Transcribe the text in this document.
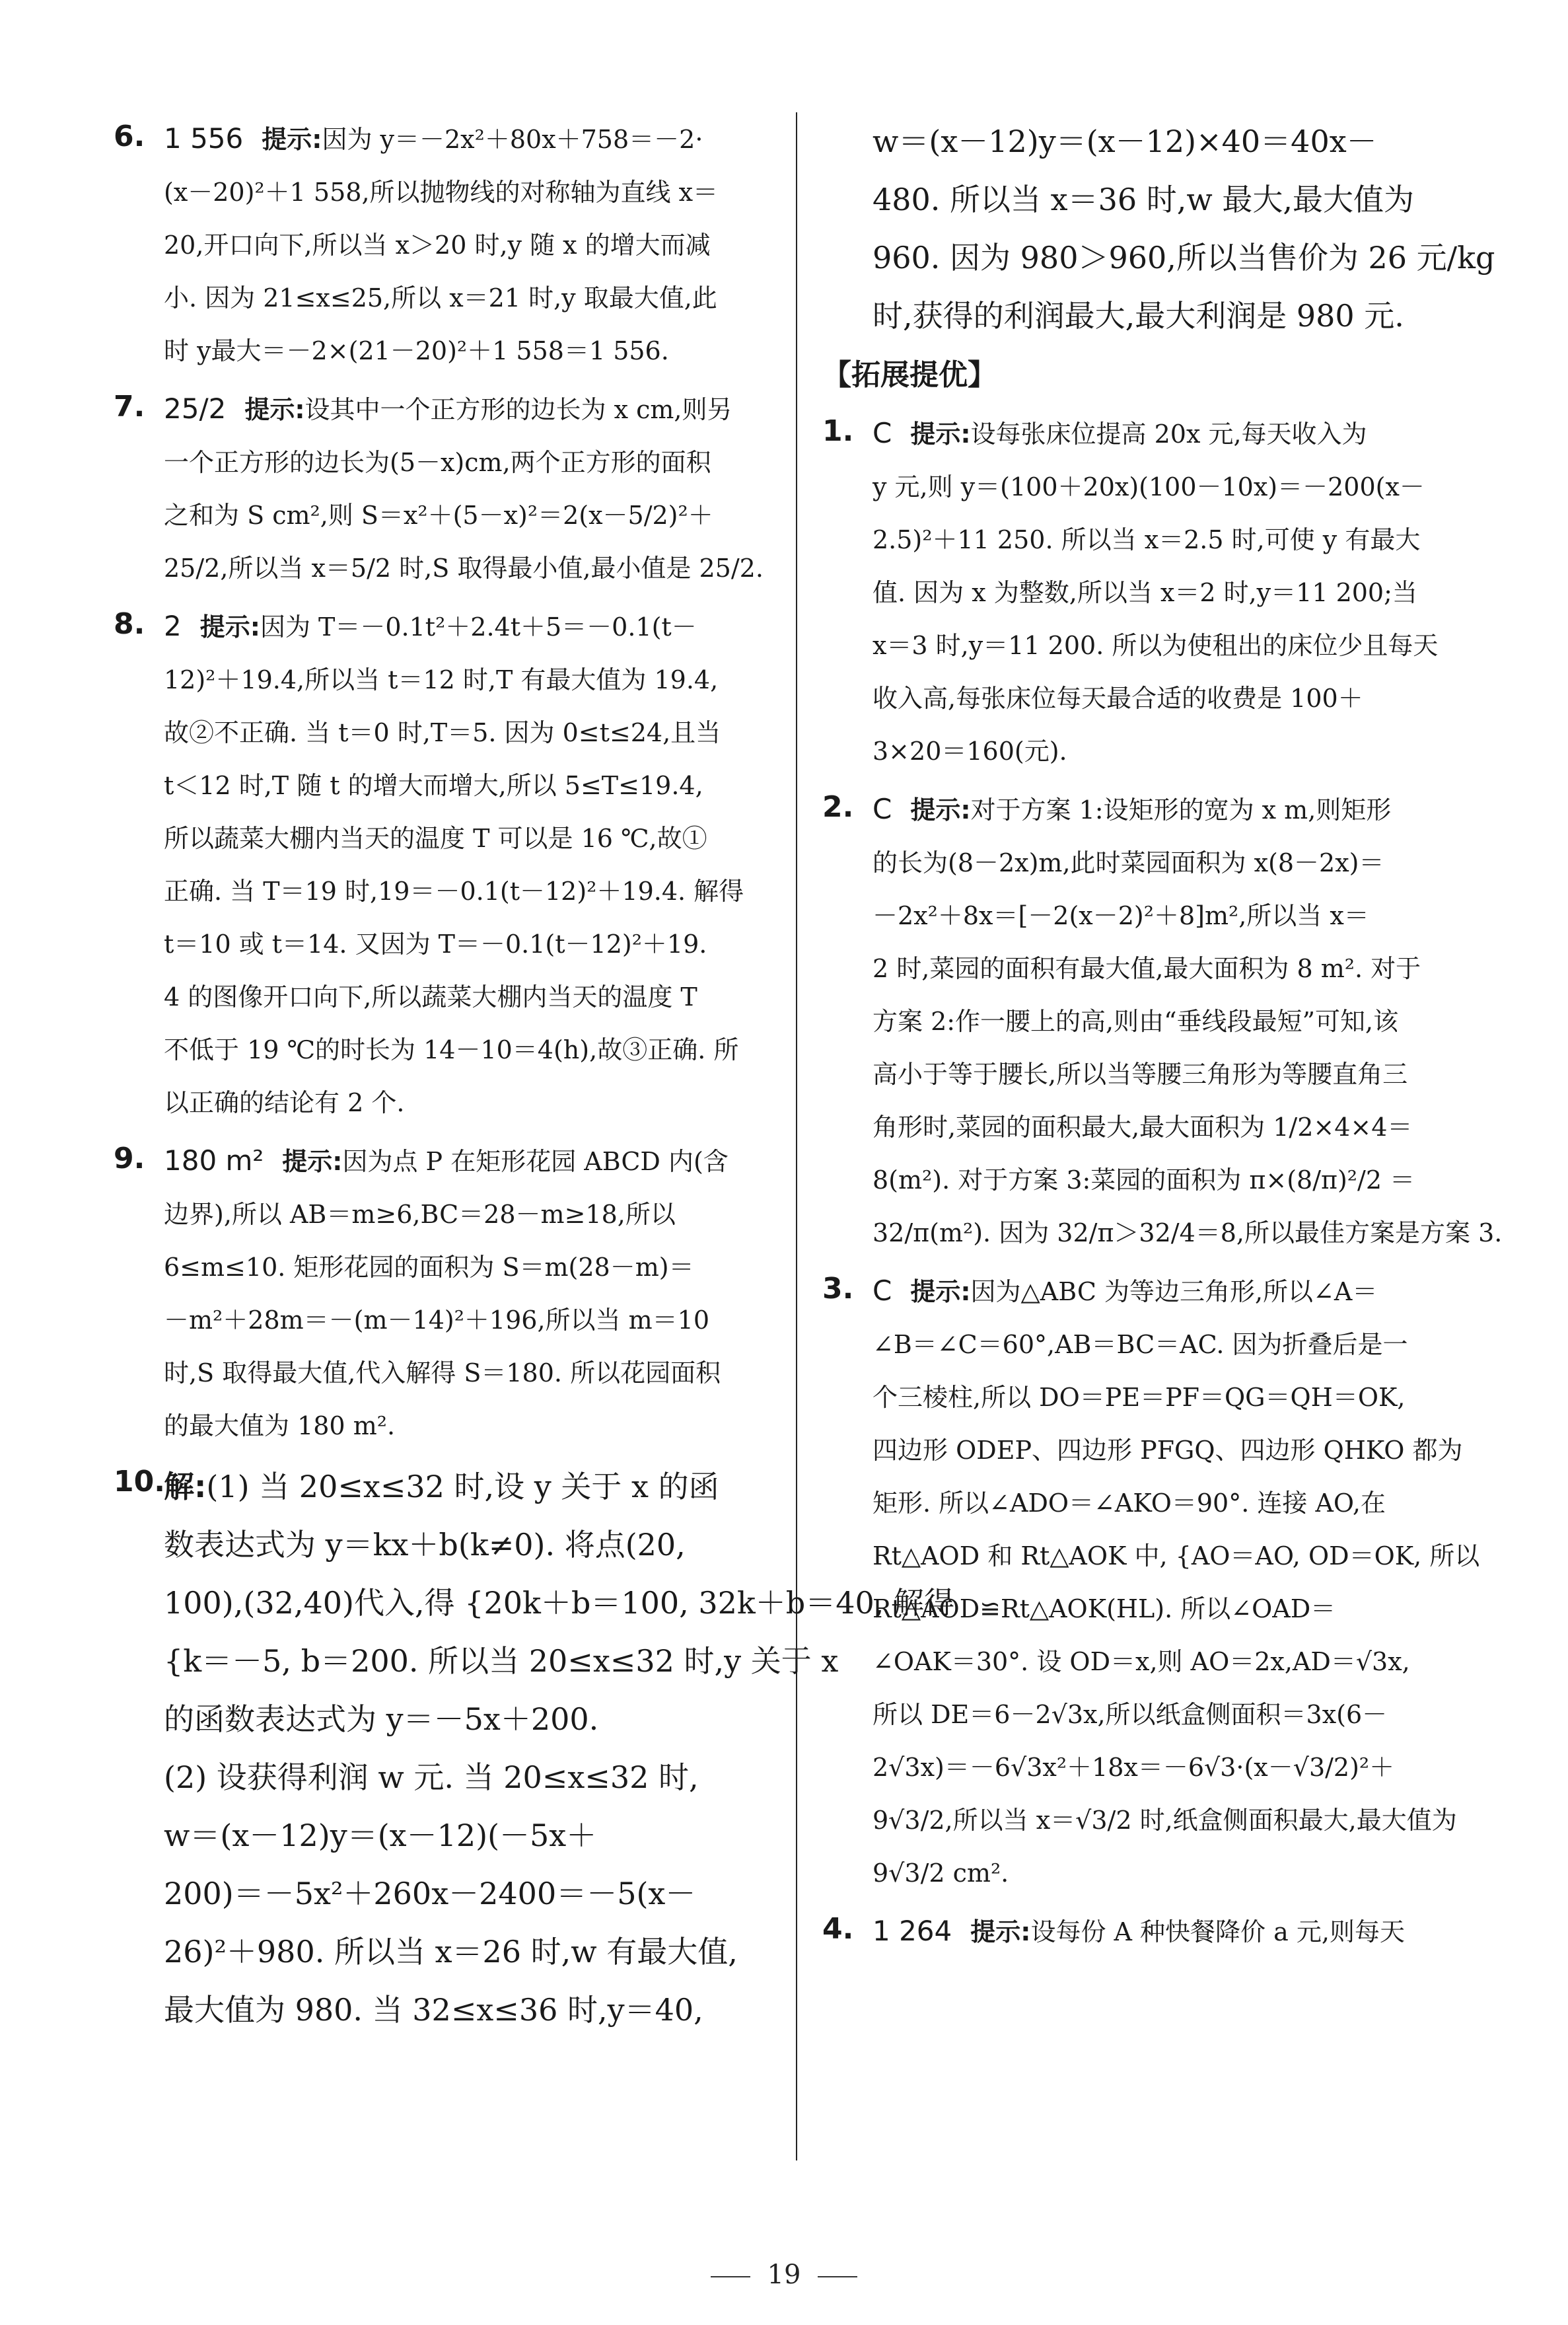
6. 1 556 提示:因为 y＝－2x²＋80x＋758＝－2·
(x－20)²＋1 558,所以抛物线的对称轴为直线 x＝
20,开口向下,所以当 x＞20 时,y 随 x 的增大而减
小. 因为 21≤x≤25,所以 x＝21 时,y 取最大值,此
时 y最大＝－2×(21－20)²＋1 558＝1 556.
7. 25/2 提示:设其中一个正方形的边长为 x cm,则另
一个正方形的边长为(5－x)cm,两个正方形的面积
之和为 S cm²,则 S＝x²＋(5－x)²＝2(x－5/2)²＋
25/2,所以当 x＝5/2 时,S 取得最小值,最小值是 25/2.
8. 2 提示:因为 T＝－0.1t²＋2.4t＋5＝－0.1(t－
12)²＋19.4,所以当 t＝12 时,T 有最大值为 19.4,
故②不正确. 当 t＝0 时,T＝5. 因为 0≤t≤24,且当
t＜12 时,T 随 t 的增大而增大,所以 5≤T≤19.4,
所以蔬菜大棚内当天的温度 T 可以是 16 ℃,故①
正确. 当 T＝19 时,19＝－0.1(t－12)²＋19.4. 解得
t＝10 或 t＝14. 又因为 T＝－0.1(t－12)²＋19.
4 的图像开口向下,所以蔬菜大棚内当天的温度 T
不低于 19 ℃的时长为 14－10＝4(h),故③正确. 所
以正确的结论有 2 个.
9. 180 m² 提示:因为点 P 在矩形花园 ABCD 内(含
边界),所以 AB＝m≥6,BC＝28－m≥18,所以
6≤m≤10. 矩形花园的面积为 S＝m(28－m)＝
－m²＋28m＝－(m－14)²＋196,所以当 m＝10
时,S 取得最大值,代入解得 S＝180. 所以花园面积
的最大值为 180 m².
10.
解:(1) 当 20≤x≤32 时,设 y 关于 x 的函
数表达式为 y＝kx＋b(k≠0). 将点(20,
100),(32,40)代入,得 {20k＋b＝100, 32k＋b＝40, 解得
{k＝－5, b＝200. 所以当 20≤x≤32 时,y 关于 x
的函数表达式为 y＝－5x＋200.
(2) 设获得利润 w 元. 当 20≤x≤32 时,
w＝(x－12)y＝(x－12)(－5x＋
200)＝－5x²＋260x－2400＝－5(x－
26)²＋980. 所以当 x＝26 时,w 有最大值,
最大值为 980. 当 32≤x≤36 时,y＝40,
w＝(x－12)y＝(x－12)×40＝40x－
480. 所以当 x＝36 时,w 最大,最大值为
960. 因为 980＞960,所以当售价为 26 元/kg
时,获得的利润最大,最大利润是 980 元.
【拓展提优】
1. C 提示:设每张床位提高 20x 元,每天收入为
y 元,则 y＝(100＋20x)(100－10x)＝－200(x－
2.5)²＋11 250. 所以当 x＝2.5 时,可使 y 有最大
值. 因为 x 为整数,所以当 x＝2 时,y＝11 200;当
x＝3 时,y＝11 200. 所以为使租出的床位少且每天
收入高,每张床位每天最合适的收费是 100＋
3×20＝160(元).
2. C 提示:对于方案 1:设矩形的宽为 x m,则矩形
的长为(8－2x)m,此时菜园面积为 x(8－2x)＝
－2x²＋8x＝[－2(x－2)²＋8]m²,所以当 x＝
2 时,菜园的面积有最大值,最大面积为 8 m². 对于
方案 2:作一腰上的高,则由“垂线段最短”可知,该
高小于等于腰长,所以当等腰三角形为等腰直角三
角形时,菜园的面积最大,最大面积为 1/2×4×4＝
8(m²). 对于方案 3:菜园的面积为 π×(8/π)²/2 ＝
32/π(m²). 因为 32/π＞32/4＝8,所以最佳方案是方案 3.
3. C 提示:因为△ABC 为等边三角形,所以∠A＝
∠B＝∠C＝60°,AB＝BC＝AC. 因为折叠后是一
个三棱柱,所以 DO＝PE＝PF＝QG＝QH＝OK,
四边形 ODEP、四边形 PFGQ、四边形 QHKO 都为
矩形. 所以∠ADO＝∠AKO＝90°. 连接 AO,在
Rt△AOD 和 Rt△AOK 中, {AO＝AO, OD＝OK, 所以
Rt△AOD≌Rt△AOK(HL). 所以∠OAD＝
∠OAK＝30°. 设 OD＝x,则 AO＝2x,AD＝√3x,
所以 DE＝6－2√3x,所以纸盒侧面积＝3x(6－
2√3x)＝－6√3x²＋18x＝－6√3·(x－√3/2)²＋
9√3/2,所以当 x＝√3/2 时,纸盒侧面积最大,最大值为
9√3/2 cm².
4. 1 264 提示:设每份 A 种快餐降价 a 元,则每天
19
